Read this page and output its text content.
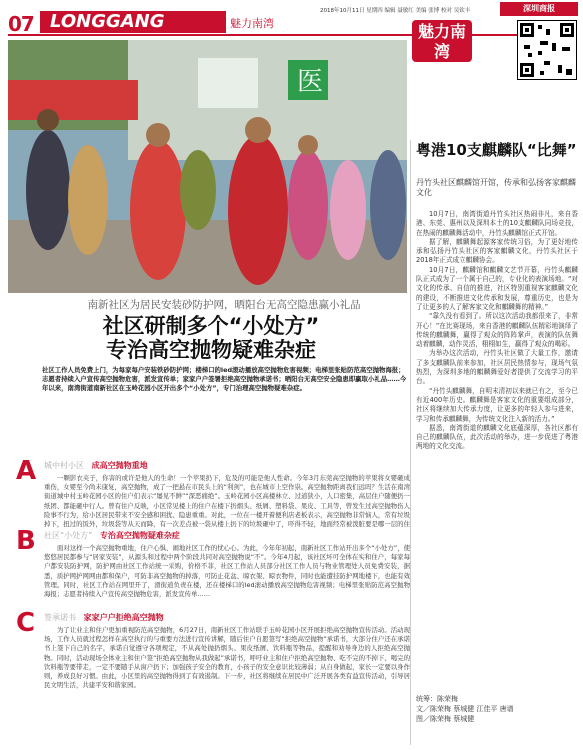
07 LONGGANG	魅力南湾
2018年10月11日 星期四 编辑 聂敏红 美编 张博 校对 吴钦丰	深圳商报
医
魅力南湾
粤港10支麒麟队“比舞”
丹竹头社区麒麟馆开馆，传承和弘扬客家麒麟文化

10月7日，南湾街道丹竹头社区热闹非凡，来自香港、东莞、惠州以及深圳本土的10支麒麟队同场竞技，在热闹的麒麟舞活动中，丹竹头麒麟馆正式开馆。

据了解，麒麟舞起源客家传统习俗，为了更好地传承和弘扬丹竹头社区的客家麒麟文化，丹竹头社区于2018年正式成立麒麟协会。

10月7日，麒麟馆和麒麟文艺节开幕，丹竹头麒麟队正式成为了一个属于自己的，专业化的表演场地。“对文化的传承、自信的推进，社区特别重视客家麒麟文化的建设，不断推进文化传承和发展，尊重历史，也是为了让更多的人了解客家文化和麒麟舞的精神。”

“靠久没有看到了。所以这次活动我都很来了，非常开心！”在比赛现场，来自香港的麒麟队伍精彩地演绎了传统的麒麟舞，赢得了观众的阵阵掌声，表演的队伍舞动着麒麟，动作灵活，栩栩如生，赢得了观众的喝彩。

为举办这次活动，丹竹头社区做了大量工作，邀请了多支麒麟队前来参加，社区居民热情参与，现场气氛热烈，为深圳多地的麒麟舞爱好者提供了交流学习的平台。

“丹竹头麒麟舞，自明末清初以来就已有之，至今已有近400年历史。麒麟舞是客家文化的重要组成部分，社区将继续加大传承力度，让更多的年轻人参与进来，学习和传承麒麟舞，为传统文化注入新的活力。”

据悉，南湾街道的麒麟文化底蕴深厚，各社区都有自己的麒麟队伍，此次活动的举办，进一步促进了粤港两地的文化交流。

统筹：陈荣梅
文／陈荣梅 蔡城健 江佳平 唐谱
图／陈荣梅 蔡城健
南新社区为居民安装砂防护网，晒阳台无高空隐患赢小礼品
社区研制多个“小处方”
专治高空抛物疑难杂症
社区工作人员免费上门，为每家每户安装铁砂防护网；楼梯口的led滚动播放高空抛物危害视频；电梯里张贴防范高空抛物海报；志愿者持续入户宣传高空抛物危害，派发宣传单；家家户户签署拒绝高空抛物承诺书；晒阳台无高空安全隐患即赢取小礼品……今年以来，南湾街道南新社区在玉岭花园小区开出多个“小处方”，专门治理高空抛物疑难杂症。
A 城中村小区 成高空抛物重地
一颗影衣夹子，你害的或许是他人的生命！一个苹果扔下，危及的可能是他人性命。今年3月东莞高空抛物的苹果将女婴砸成重伤，女婴至今尚未康复，高空抛物，成了一把悬在市民头上的“利剑”，也在城市上空作祟。高空抛物距离我们远吗？生活在南湾街道城中村玉岭花园小区的住户们表示“屡见不鲜”“深恶痛绝”。玉岭花园小区高楼林立、过道狭小，人口密集，高层住户随便扔一纸团、都能砸中行人。曾有住户反映，小区常见楼上的住户在楼下扔烟头、纸屑、塑料袋、果皮、工具等，曾发生过高空抛物伤人险事不行为，给小区居民带来不安全感和困扰、隐患重重。对此，一位在一楼开着便利店老板表示，高空抛物非常恼人，常有垃圾掉下，扭过的饭外，垃圾袋等从天而降，有一次差点被一袋从楼上扔下的垃圾砸中了，吓得不轻，地面经常被泼脏要是哪一层的住
B 社区“小处方” 专治高空抛物疑难杂症
面对这样一个高空抛物重地，住户心惧、闹地社区工作的忧心心。为此，今年年初起，南新社区工作站开出多个“小处方”，使悠悠居民都参与“居家安装”，从源头和过程中两个阶段共同对高空抛物说“不”。今年4月起，该社区坏可全体在实和住户，每家每户都安装防护网，防护网由社区工作站统一采购，价格不菲，社区工作站人员部分社区工作人员与物业管理处人员免费安装，据悉，质护网护网网由都和保户，可防非高空抛物的掉落，可防止花盆、晾衣架、晾衣物件，同时也能遭挂防护网地楼下，也能有效管理。同时，社区工作站在网里开了，滑街道负责在楼，还在楼梯口的led滚动播放高空抛物危害视频；电梯里张贴防范高空抛物海报；志愿者持续入户宣传高空抛物危害，派发宣传单……
C 签承诺书 家家户户拒绝高空抛物
为了让业主和住户更加重视防范高空抛物，6月27日，南新社区工作站联手玉岭花园小区开展拒绝高空抛物宣传活动。活动现场，工作人员就过程怎样在高空执行的与重要方法进行宣传讲解，随后住户自愿签写“拒绝高空抛物”承诺书，大部分住户还在承诺书上签下自己的名字，承诺自觉遵守各项规定，不从高处抛扔烟头、果皮纸屑、饮料瓶等物品，提醒和劝导身边的人拒绝高空抛物。同时，活动现场全体业主和住户签“拒绝高空抛物从我做起”承诺书，呼吁业主和住户拒绝高空抛物、吃不完的不掉下、喝完的饮料瓶等要带走，一定不要随手从窗户扔下；加强孩子安全的教育，小孩子的安全意识比较薄弱；从自身做起，家长一定要以身作则，养成良好习惯。由此，小区里的高空抛物得到了有效遏制。下一步，社区将继续在居民中广泛开展各类有益宣传活动，引导居民文明生活，共建平安和谐家园。
